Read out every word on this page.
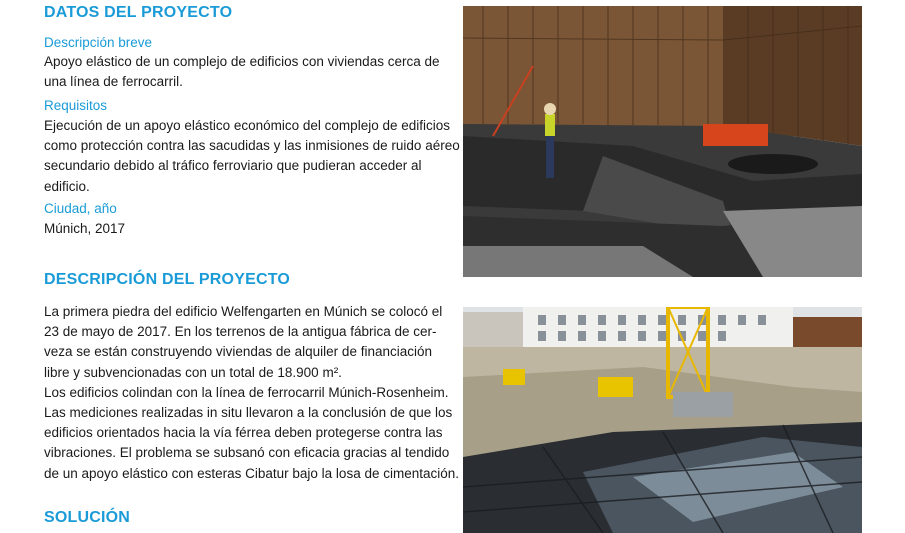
DATOS DEL PROYECTO
Descripción breve
Apoyo elástico de un complejo de edificios con viviendas cerca de
una línea de ferrocarril.
Requisitos
Ejecución de un apoyo elástico económico del complejo de edificios
como protección contra las sacudidas y las inmisiones de ruido aéreo
secundario debido al tráfico ferroviario que pudieran acceder al
edificio.
Ciudad, año
Múnich, 2017
DESCRIPCIÓN DEL PROYECTO
La primera piedra del edificio Welfengarten en Múnich se colocó el
23 de mayo de 2017. En los terrenos de la antigua fábrica de cer-
veza se están construyendo viviendas de alquiler de financiación
libre y subvencionadas con un total de 18.900 m².
Los edificios colindan con la línea de ferrocarril Múnich-Rosenheim.
Las mediciones realizadas in situ llevaron a la conclusión de que los
edificios orientados hacia la vía férrea deben protegerse contra las
vibraciones. El problema se subsanó con eficacia gracias al tendido
de un apoyo elástico con esteras Cibatur bajo la losa de cimentación.
SOLUCIÓN
